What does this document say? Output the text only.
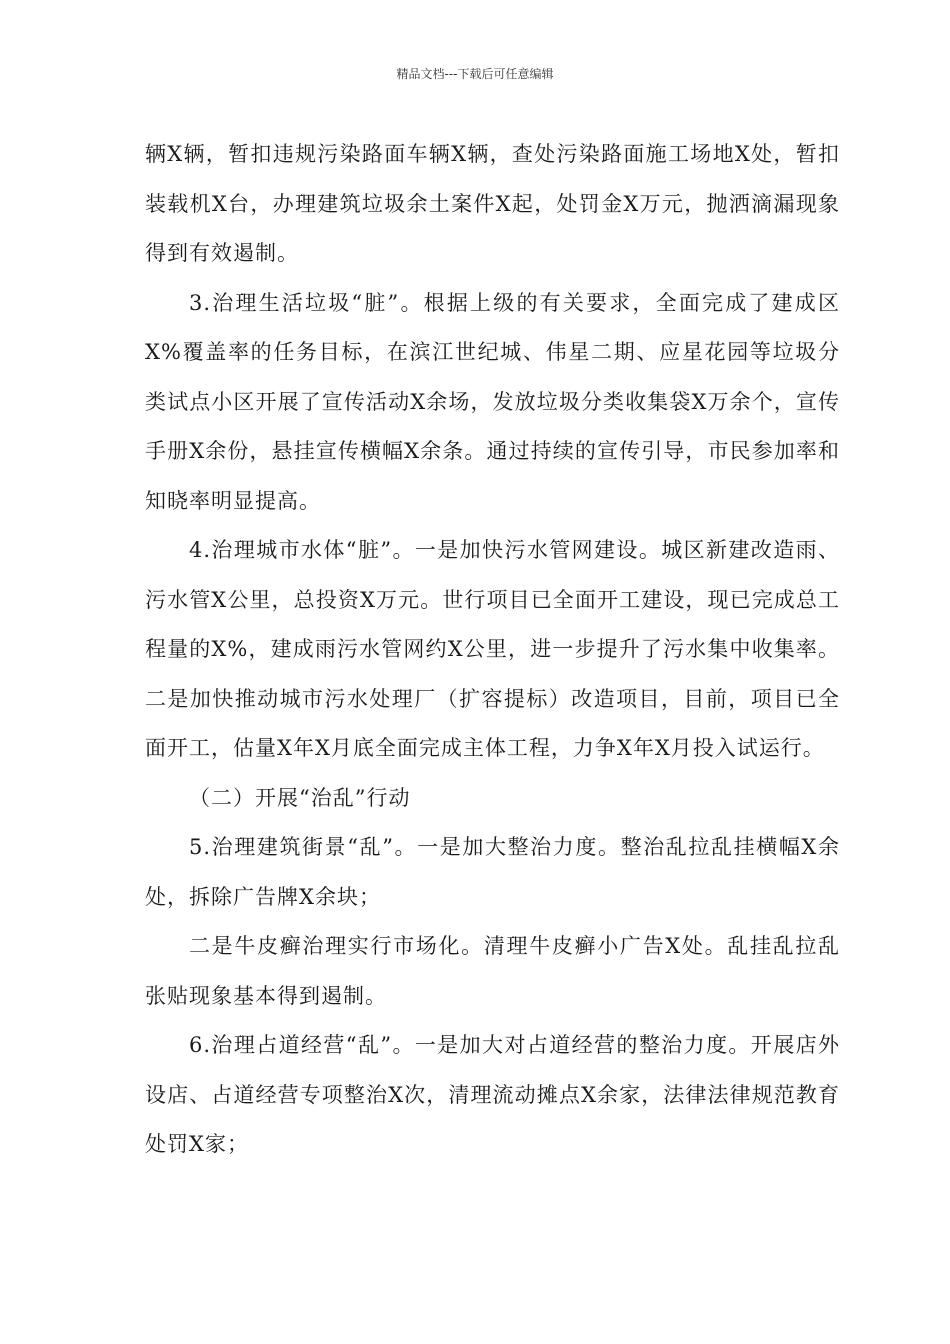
精品文档---下载后可任意编辑

辆X辆，暂扣违规污染路面车辆X辆，查处污染路面施工场地X处，暂扣装载机X台，办理建筑垃圾余土案件X起，处罚金X万元，抛洒滴漏现象得到有效遏制。

3.治理生活垃圾“脏”。根据上级的有关要求，全面完成了建成区X%覆盖率的任务目标，在滨江世纪城、伟星二期、应星花园等垃圾分类试点小区开展了宣传活动X余场，发放垃圾分类收集袋X万余个，宣传手册X余份，悬挂宣传横幅X余条。通过持续的宣传引导，市民参加率和知晓率明显提高。

4.治理城市水体“脏”。一是加快污水管网建设。城区新建改造雨、污水管X公里，总投资X万元。世行项目已全面开工建设，现已完成总工程量的X%，建成雨污水管网约X公里，进一步提升了污水集中收集率。二是加快推动城市污水处理厂（扩容提标）改造项目，目前，项目已全面开工，估量X年X月底全面完成主体工程，力争X年X月投入试运行。

（二）开展“治乱”行动

5.治理建筑街景“乱”。一是加大整治力度。整治乱拉乱挂横幅X余处，拆除广告牌X余块；

二是牛皮癣治理实行市场化。清理牛皮癣小广告X处。乱挂乱拉乱张贴现象基本得到遏制。

6.治理占道经营“乱”。一是加大对占道经营的整治力度。开展店外设店、占道经营专项整治X次，清理流动摊点X余家，法律法律规范教育处罚X家；
